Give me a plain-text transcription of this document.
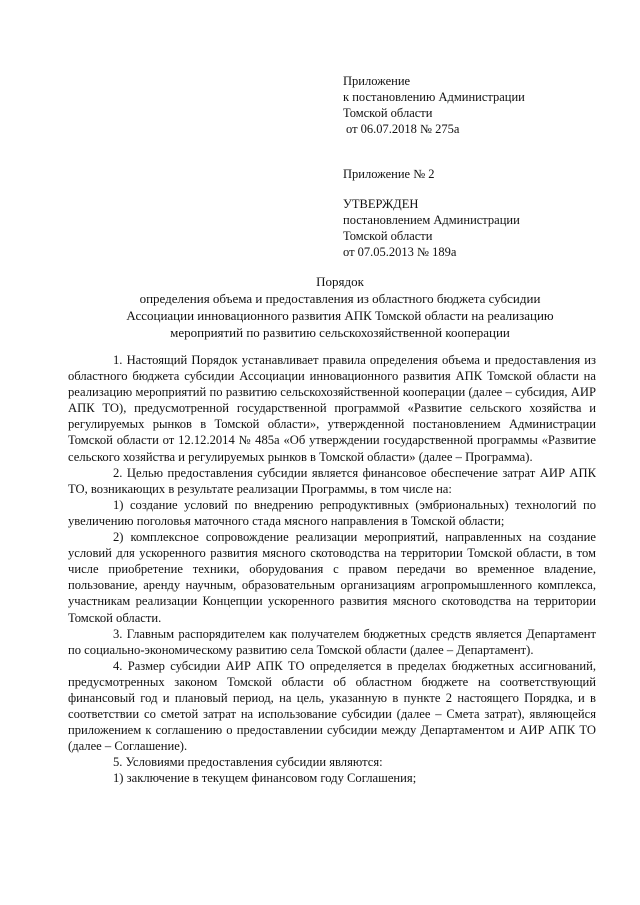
Приложение
к постановлению Администрации
Томской области
от 06.07.2018 № 275а
Приложение № 2
УТВЕРЖДЕН
постановлением Администрации
Томской области
от 07.05.2013 № 189а
Порядок
определения объема и предоставления из областного бюджета субсидии
Ассоциации инновационного развития АПК Томской области на реализацию
мероприятий по развитию сельскохозяйственной кооперации

1. Настоящий Порядок устанавливает правила определения объема и предоставления из областного бюджета субсидии Ассоциации инновационного развития АПК Томской области на реализацию мероприятий по развитию сельскохозяйственной кооперации (далее – субсидия, АИР АПК ТО), предусмотренной государственной программой «Развитие сельского хозяйства и регулируемых рынков в Томской области», утвержденной постановлением Администрации Томской области от 12.12.2014 № 485а «Об утверждении государственной программы «Развитие сельского хозяйства и регулируемых рынков в Томской области» (далее – Программа).

2. Целью предоставления субсидии является финансовое обеспечение затрат АИР АПК ТО, возникающих в результате реализации Программы, в том числе на:

1) создание условий по внедрению репродуктивных (эмбриональных) технологий по увеличению поголовья маточного стада мясного направления в Томской области;

2) комплексное сопровождение реализации мероприятий, направленных на создание условий для ускоренного развития мясного скотоводства на территории Томской области, в том числе приобретение техники, оборудования с правом передачи во временное владение, пользование, аренду научным, образовательным организациям агропромышленного комплекса, участникам реализации Концепции ускоренного развития мясного скотоводства на территории Томской области.

3. Главным распорядителем как получателем бюджетных средств является Департамент по социально-экономическому развитию села Томской области (далее – Департамент).

4. Размер субсидии АИР АПК ТО определяется в пределах бюджетных ассигнований, предусмотренных законом Томской области об областном бюджете на соответствующий финансовый год и плановый период, на цель, указанную в пункте 2 настоящего Порядка, и в соответствии со сметой затрат на использование субсидии (далее – Смета затрат), являющейся приложением к соглашению о предоставлении субсидии между Департаментом и АИР АПК ТО (далее – Соглашение).

5. Условиями предоставления субсидии являются:

1) заключение в текущем финансовом году Соглашения;
